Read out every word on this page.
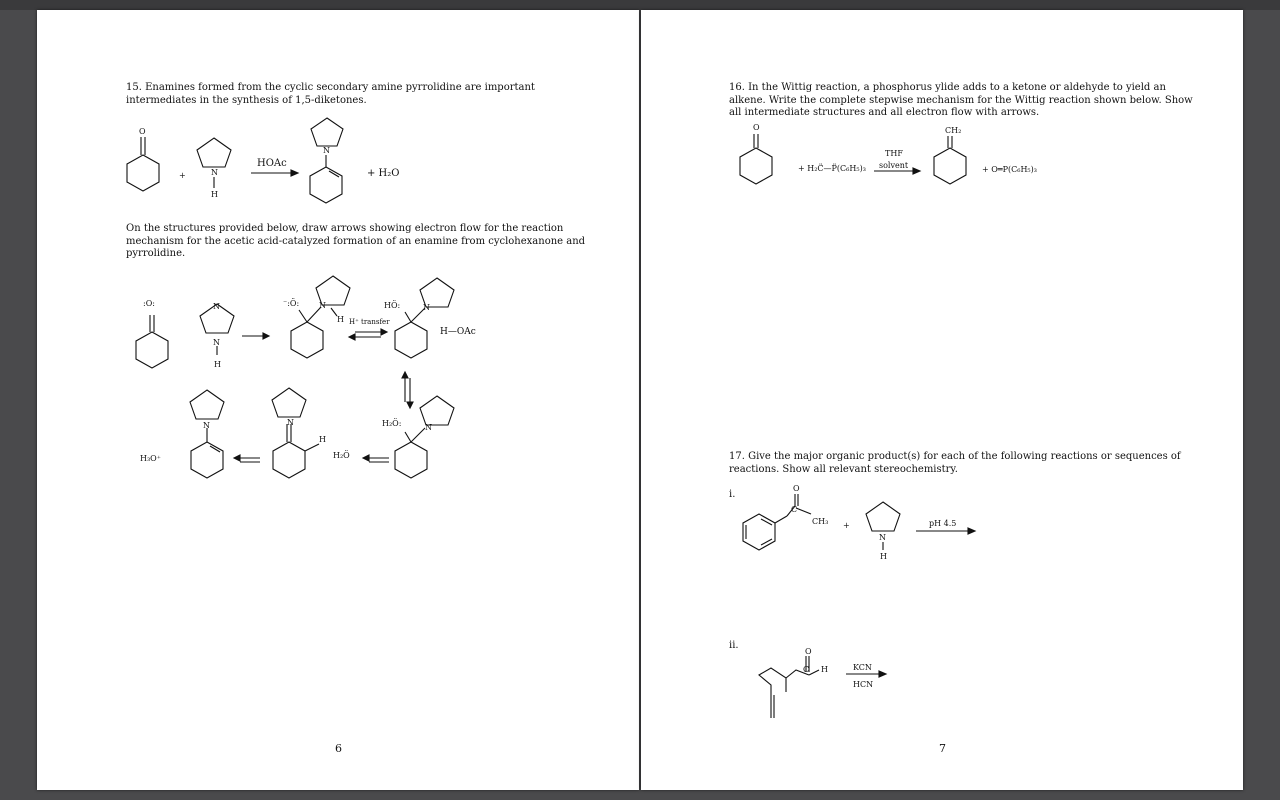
15. Enamines formed from the cyclic secondary amine pyrrolidine are important
intermediates in the synthesis of 1,5-diketones.
O
+	N
H
N
HOAc
+ H₂O
On the structures provided below, draw arrows showing electron flow for the reaction
mechanism for the acetic acid-catalyzed formation of an enamine from cyclohexanone and
pyrrolidine.
N
N
N
H
N
H
N
N
N
H
:O:	⁻:Ö:	HÖ:
H⁺ transfer
H—OAc
H₂Ö:
H₃O⁺	H₂Ö
6
16. In the Wittig reaction, a phosphorus ylide adds to a ketone or aldehyde to yield an
alkene. Write the complete stepwise mechanism for the Wittig reaction shown below. Show
all intermediate structures and all electron flow with arrows.
O
+ H₂C̈—P̈(C₆H₅)₃
THF
solvent
CH₂
+ O═P(C₆H₅)₃
17. Give the major organic product(s) for each of the following reactions or sequences of
reactions. Show all relevant stereochemistry.
i.
O
C
+
N
H
CH₃	pH 4.5
ii.
O
C H	KCN
HCN
7
